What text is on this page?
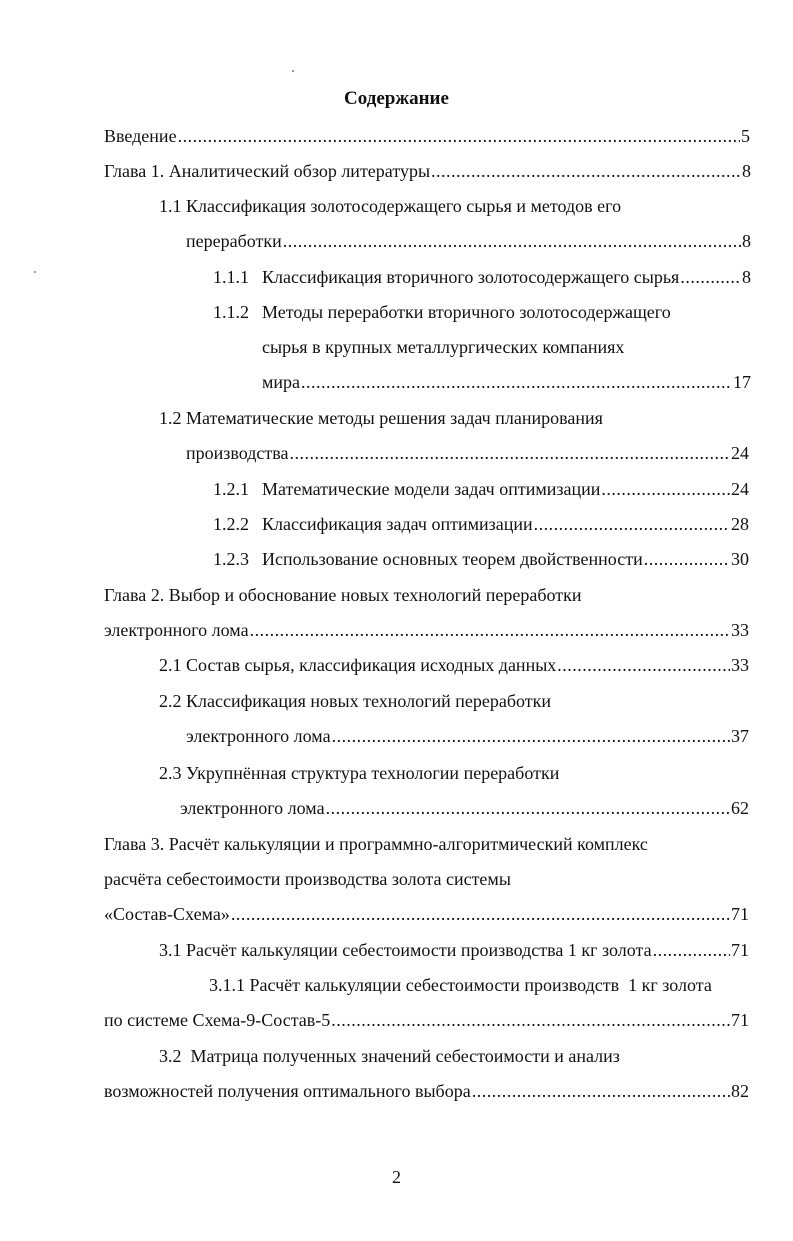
Содержание
Введение .....	5
Глава 1. Аналитический обзор литературы .....	8
1.1 Классификация золотосодержащего сырья и методов его
переработки .....	8
1.1.1 Классификация вторичного золотосодержащего сырья .....	8
1.1.2 Методы переработки вторичного золотосодержащего
сырья в крупных металлургических компаниях
мира .....	17
1.2 Математические методы решения задач планирования
производства .....	24
1.2.1 Математические модели задач оптимизации .....	24
1.2.2 Классификация задач оптимизации .....	28
1.2.3 Использование основных теорем двойственности .....	30
Глава 2. Выбор и обоснование новых технологий переработки
электронного лома .....	33
2.1 Состав сырья, классификация исходных данных .....	33
2.2 Классификация новых технологий переработки
электронного лома .....	37
2.3 Укрупнённая структура технологии переработки
электронного лома .....	62
Глава 3. Расчёт калькуляции и программно-алгоритмический комплекс
расчёта себестоимости производства золота системы
«Состав-Схема» .....	71
3.1 Расчёт калькуляции себестоимости производства 1 кг золота .....	71
3.1.1 Расчёт калькуляции себестоимости производств  1 кг золота
по системе Схема-9-Состав-5 .....	71
3.2  Матрица полученных значений себестоимости и анализ
возможностей получения оптимального выбора .....	82
2
